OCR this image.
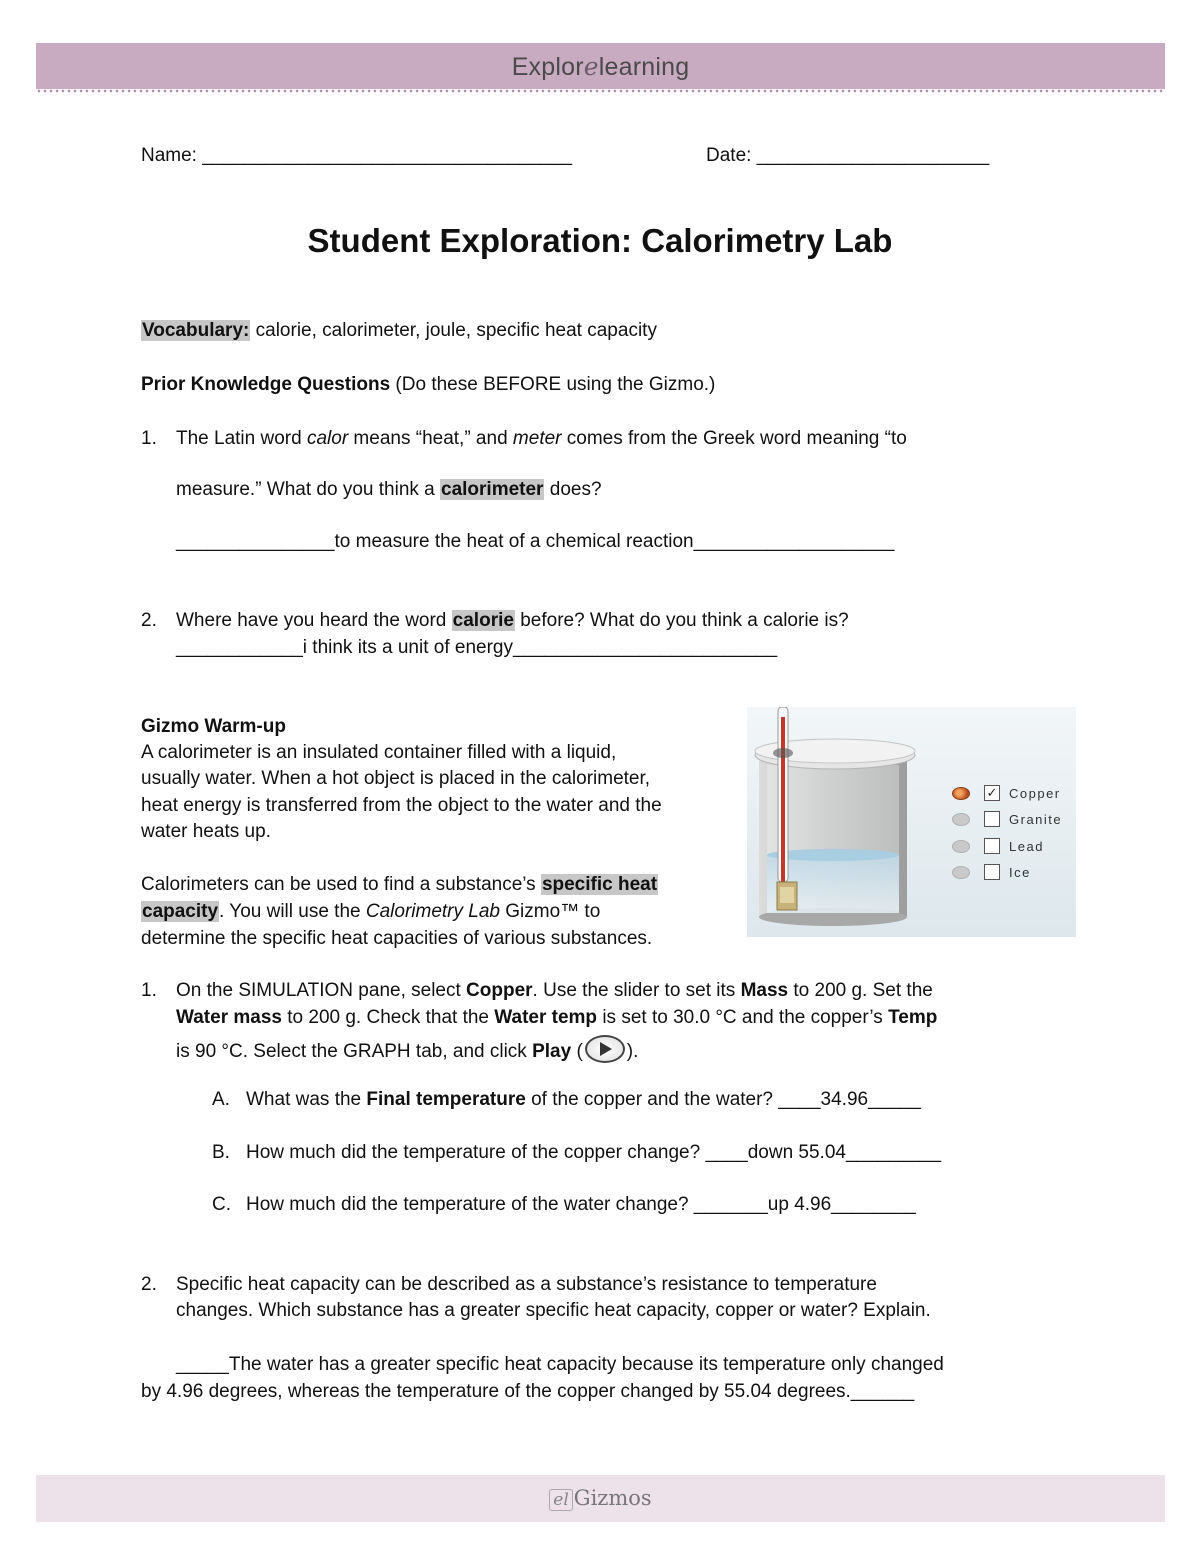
Explorelearning
Name: ___________________________________	Date: ______________________
Student Exploration: Calorimetry Lab
Vocabulary: calorie, calorimeter, joule, specific heat capacity
Prior Knowledge Questions (Do these BEFORE using the Gizmo.)
1. The Latin word calor means “heat,” and meter comes from the Greek word meaning “to
measure.” What do you think a calorimeter does?
_______________to measure the heat of a chemical reaction___________________
2. Where have you heard the word calorie before? What do you think a calorie is?
____________i think its a unit of energy_________________________
Gizmo Warm-up
A calorimeter is an insulated container filled with a liquid,
usually water. When a hot object is placed in the calorimeter,
heat energy is transferred from the object to the water and the
water heats up.
Calorimeters can be used to find a substance’s specific heat
capacity. You will use the Calorimetry Lab Gizmo™ to
determine the specific heat capacities of various substances.
✓ Copper
Granite
Lead
Ice
1. On the SIMULATION pane, select Copper. Use the slider to set its Mass to 200 g. Set the
Water mass to 200 g. Check that the Water temp is set to 30.0 °C and the copper’s Temp
is 90 °C. Select the GRAPH tab, and click Play ( ).
A. What was the Final temperature of the copper and the water? ____34.96_____
B. How much did the temperature of the copper change? ____down 55.04_________
C. How much did the temperature of the water change? _______up 4.96________
2. Specific heat capacity can be described as a substance’s resistance to temperature
changes. Which substance has a greater specific heat capacity, copper or water? Explain.
_____The water has a greater specific heat capacity because its temperature only changed
by 4.96 degrees, whereas the temperature of the copper changed by 55.04 degrees.______
el Gizmos
